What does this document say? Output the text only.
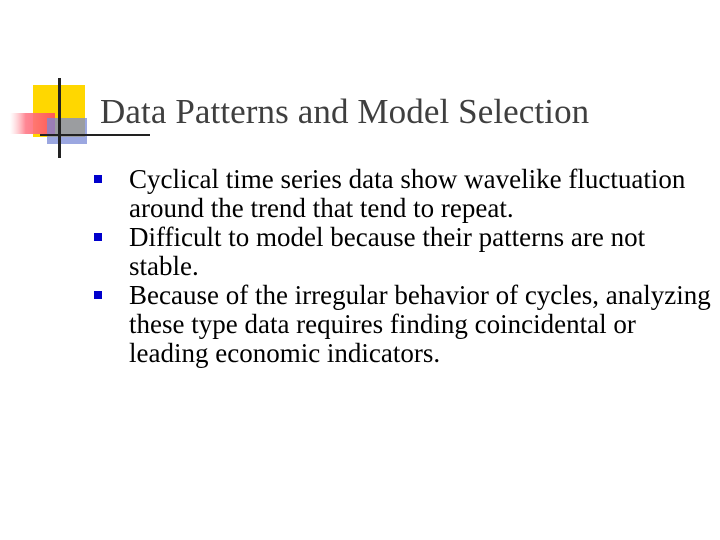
Data Patterns and Model Selection
Cyclical time series data show wavelike fluctuation around the trend that tend to repeat.
Difficult to model because their patterns are not stable.
Because of the irregular behavior of cycles, analyzing these type data requires finding coincidental or leading economic indicators.
